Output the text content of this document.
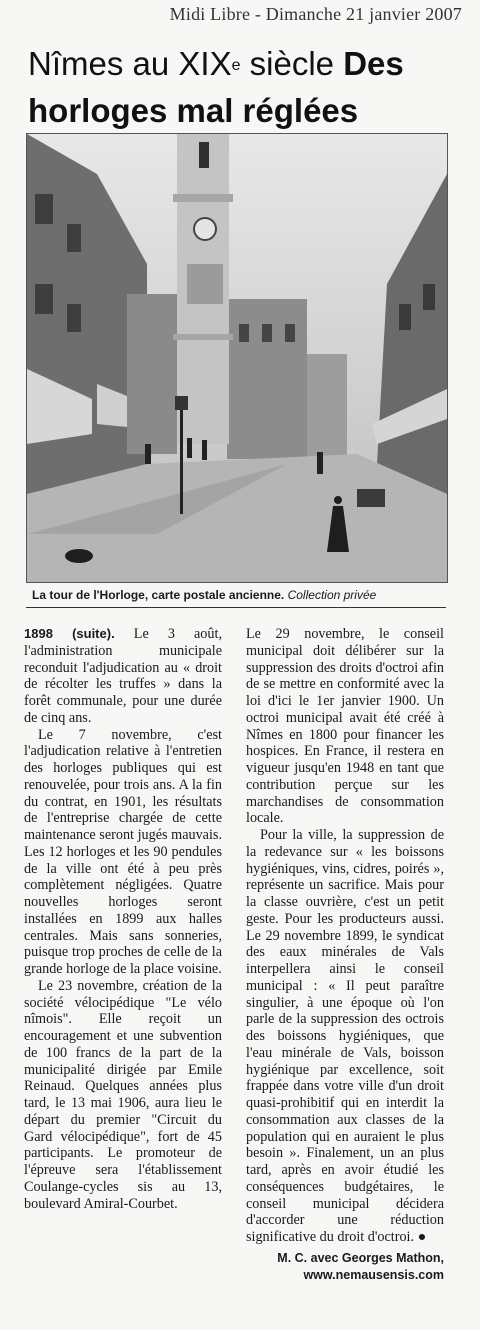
Midi Libre - Dimanche 21 janvier 2007
Nîmes au XIXe siècle Des horloges mal réglées
La tour de l'Horloge, carte postale ancienne. Collection privée

1898 (suite). Le 3 août, l'administration municipale reconduit l'adjudication au « droit de récolter les truffes » dans la forêt communale, pour une durée de cinq ans.

Le 7 novembre, c'est l'adjudication relative à l'entretien des horloges publiques qui est renouvelée, pour trois ans. A la fin du contrat, en 1901, les résultats de l'entreprise chargée de cette maintenance seront jugés mauvais. Les 12 horloges et les 90 pendules de la ville ont été à peu près complètement négligées. Quatre nouvelles horloges seront installées en 1899 aux halles centrales. Mais sans sonneries, puisque trop proches de celle de la grande horloge de la place voisine.

Le 23 novembre, création de la société vélocipédique "Le vélo nîmois". Elle reçoit un encouragement et une subvention de 100 francs de la part de la municipalité dirigée par Emile Reinaud. Quelques années plus tard, le 13 mai 1906, aura lieu le départ du premier "Circuit du Gard vélocipédique", fort de 45 participants. Le promoteur de l'épreuve sera l'établissement Coulange-cycles sis au 13, boulevard Amiral-Courbet.

Le 29 novembre, le conseil municipal doit délibérer sur la suppression des droits d'octroi afin de se mettre en conformité avec la loi d'ici le 1er janvier 1900. Un octroi municipal avait été créé à Nîmes en 1800 pour financer les hospices. En France, il restera en vigueur jusqu'en 1948 en tant que contribution perçue sur les marchandises de consommation locale.

Pour la ville, la suppression de la redevance sur « les boissons hygiéniques, vins, cidres, poirés », représente un sacrifice. Mais pour la classe ouvrière, c'est un petit geste. Pour les producteurs aussi. Le 29 novembre 1899, le syndicat des eaux minérales de Vals interpellera ainsi le conseil municipal : « Il peut paraître singulier, à une époque où l'on parle de la suppression des octrois des boissons hygiéniques, que l'eau minérale de Vals, boisson hygiénique par excellence, soit frappée dans votre ville d'un droit quasi-prohibitif qui en interdit la consommation aux classes de la population qui en auraient le plus besoin ». Finalement, un an plus tard, après en avoir étudié les conséquences budgétaires, le conseil municipal décidera d'accorder une réduction significative du droit d'octroi. ●

M. C. avec Georges Mathon,
www.nemausensis.com
